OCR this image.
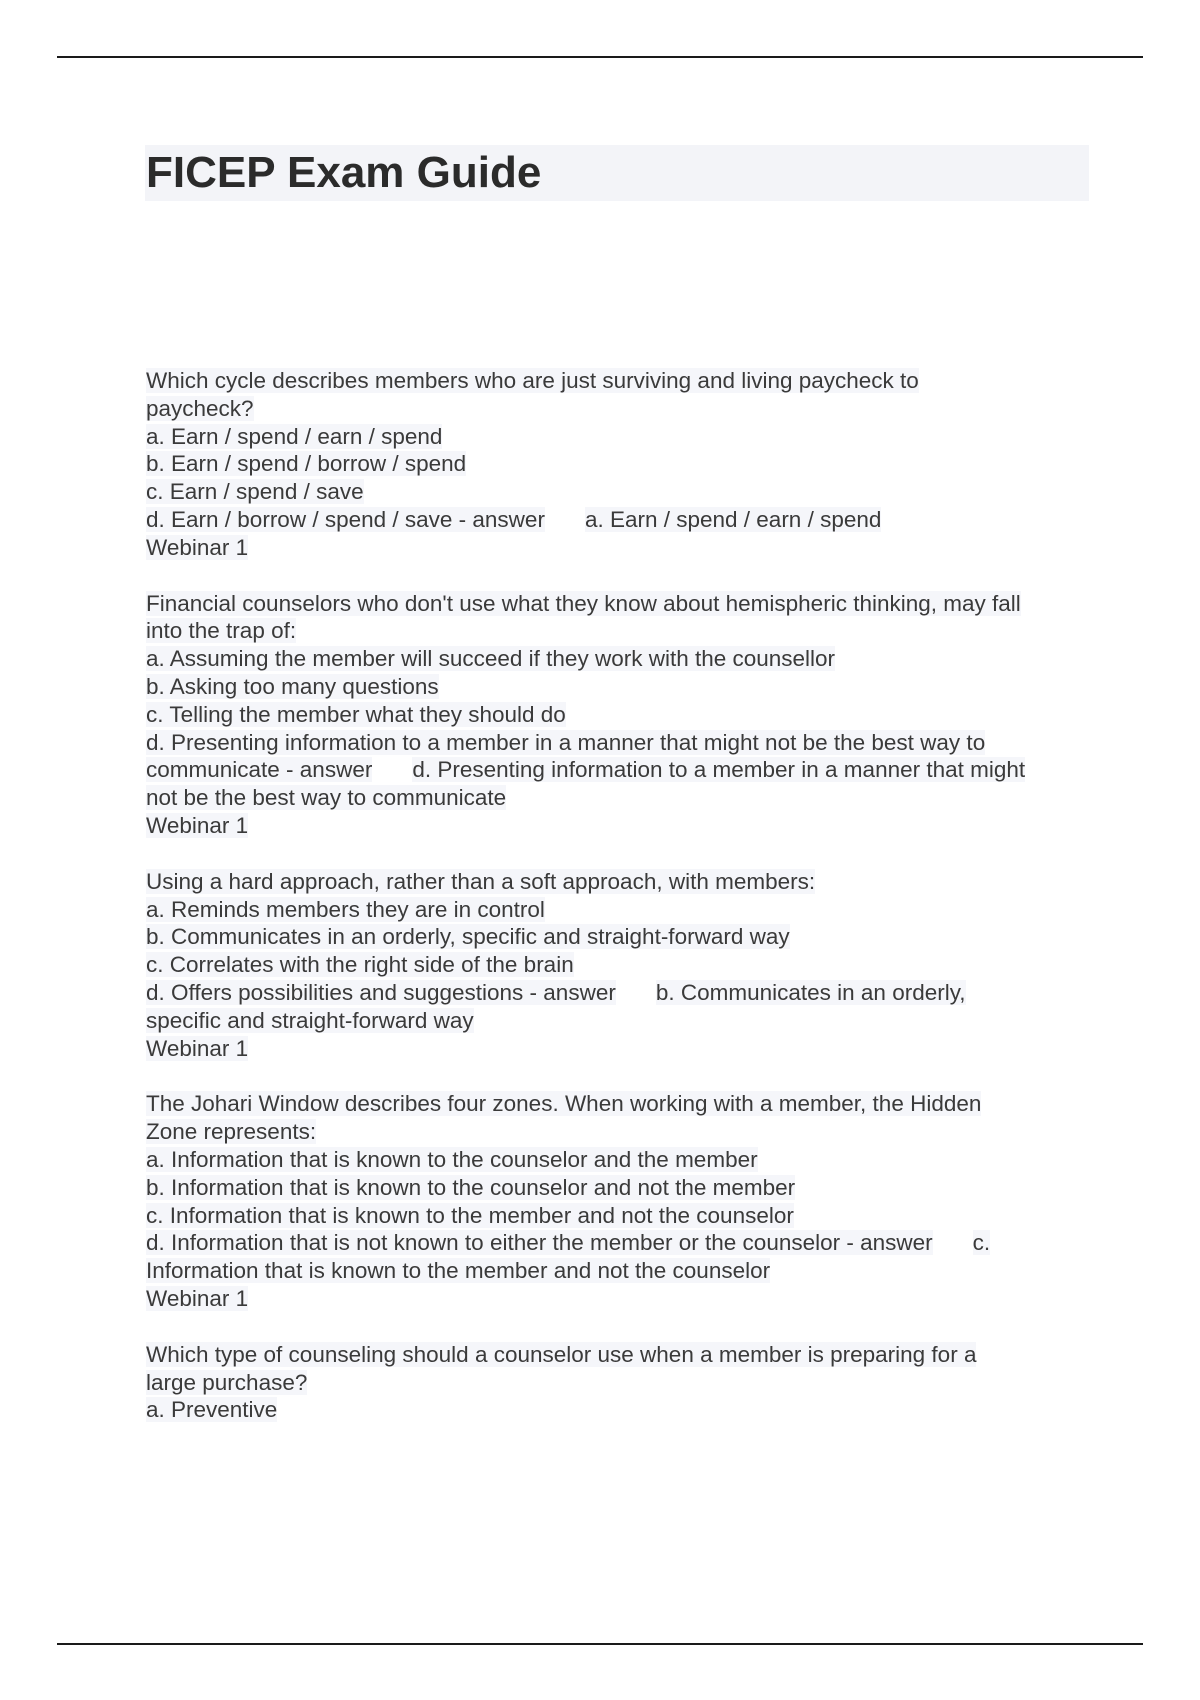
FICEP Exam Guide
Which cycle describes members who are just surviving and living paycheck to
paycheck?
a. Earn / spend / earn / spend
b. Earn / spend / borrow / spend
c. Earn / spend / save
d. Earn / borrow / spend / save - answer a. Earn / spend / earn / spend
Webinar 1
Financial counselors who don't use what they know about hemispheric thinking, may fall
into the trap of:
a. Assuming the member will succeed if they work with the counsellor
b. Asking too many questions
c. Telling the member what they should do
d. Presenting information to a member in a manner that might not be the best way to
communicate - answer d. Presenting information to a member in a manner that might
not be the best way to communicate
Webinar 1
Using a hard approach, rather than a soft approach, with members:
a. Reminds members they are in control
b. Communicates in an orderly, specific and straight-forward way
c. Correlates with the right side of the brain
d. Offers possibilities and suggestions - answer b. Communicates in an orderly,
specific and straight-forward way
Webinar 1
The Johari Window describes four zones. When working with a member, the Hidden
Zone represents:
a. Information that is known to the counselor and the member
b. Information that is known to the counselor and not the member
c. Information that is known to the member and not the counselor
d. Information that is not known to either the member or the counselor - answer c.
Information that is known to the member and not the counselor
Webinar 1
Which type of counseling should a counselor use when a member is preparing for a
large purchase?
a. Preventive
